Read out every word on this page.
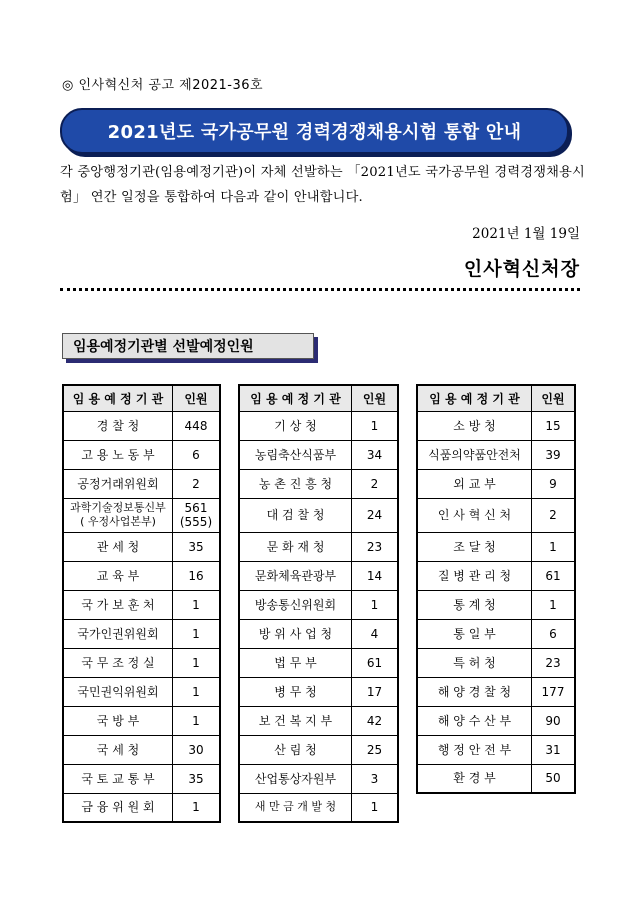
◎ 인사혁신처 공고 제2021-36호
2021년도 국가공무원 경력경쟁채용시험 통합 안내
각 중앙행정기관(임용예정기관)이 자체 선발하는 「2021년도 국가공무원 경력경쟁채용시험」 연간 일정을 통합하여 다음과 같이 안내합니다.
2021년 1월 19일
인사혁신처장
임용예정기관별 선발예정인원
임 용 예 정 기 관	인원
경 찰 청	448
고 용 노 동 부	6
공정거래위원회	2
과학기술정보통신부
( 우정사업본부)	561
(555)
관 세 청	35
교 육 부	16
국 가 보 훈 처	1
국가인권위원회	1
국 무 조 정 실	1
국민권익위원회	1
국 방 부	1
국 세 청	30
국 토 교 통 부	35
금 융 위 원 회	1
임 용 예 정 기 관	인원
기 상 청	1
농림축산식품부	34
농 촌 진 흥 청	2
대 검 찰 청	24
문 화 재 청	23
문화체육관광부	14
방송통신위원회	1
방 위 사 업 청	4
법 무 부	61
병 무 청	17
보 건 복 지 부	42
산 림 청	25
산업통상자원부	3
새 만 금 개 발 청	1
임 용 예 정 기 관	인원
소 방 청	15
식품의약품안전처	39
외 교 부	9
인 사 혁 신 처	2
조 달 청	1
질 병 관 리 청	61
통 계 청	1
통 일 부	6
특 허 청	23
해 양 경 찰 청	177
해 양 수 산 부	90
행 정 안 전 부	31
환 경 부	50
